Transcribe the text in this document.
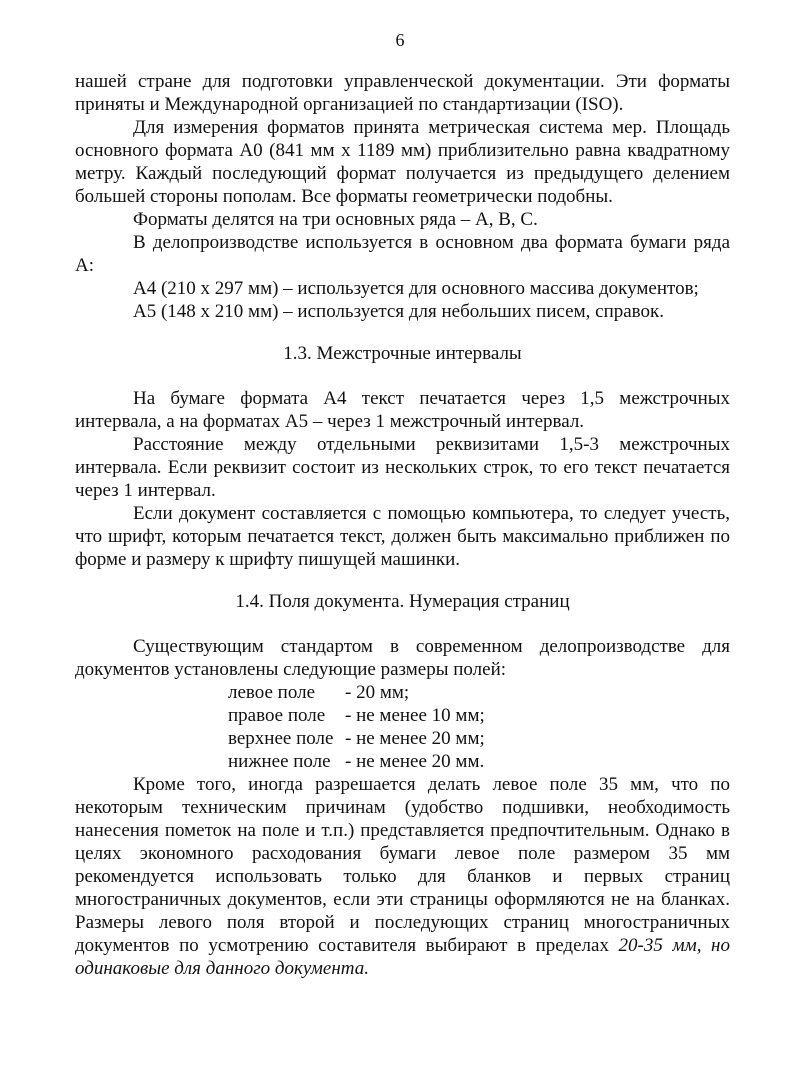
6

нашей стране для подготовки управленческой документации. Эти форматы приняты и Международной организацией по стандартизации (ISO).

Для измерения форматов принята метрическая система мер. Площадь основного формата А0 (841 мм х 1189 мм) приблизительно равна квадратному метру. Каждый последующий формат получается из предыдущего делением большей стороны пополам. Все форматы геометрически подобны.

Форматы делятся на три основных ряда – А, В, С.

В делопроизводстве используется в основном два формата бумаги ряда А:

А4 (210 х 297 мм) – используется для основного массива документов;
А5 (148 х 210 мм) – используется для небольших писем, справок.
1.3. Межстрочные интервалы

На бумаге формата А4 текст печатается через 1,5 межстрочных интервала, а на форматах А5 – через 1 межстрочный интервал.

Расстояние между отдельными реквизитами 1,5-3 межстрочных интервала. Если реквизит состоит из нескольких строк, то его текст печатается через 1 интервал.

Если документ составляется с помощью компьютера, то следует учесть, что шрифт, которым печатается текст, должен быть максимально приближен по форме и размеру к шрифту пишущей машинки.

1.4. Поля документа. Нумерация страниц

Существующим стандартом в современном делопроизводстве для документов установлены следующие размеры полей:

левое поле	- 20 мм;
правое поле	- не менее 10 мм;
верхнее поле - не менее 20 мм;
нижнее поле - не менее 20 мм.

Кроме того, иногда разрешается делать левое поле 35 мм, что по некоторым техническим причинам (удобство подшивки, необходимость нанесения пометок на поле и т.п.) представляется предпочтительным. Однако в целях экономного расходования бумаги левое поле размером 35 мм рекомендуется использовать только для бланков и первых страниц многостраничных документов, если эти страницы оформляются не на бланках. Размеры левого поля второй и последующих страниц многостраничных документов по усмотрению составителя выбирают в пределах 20-35 мм, но одинаковые для данного документа.
